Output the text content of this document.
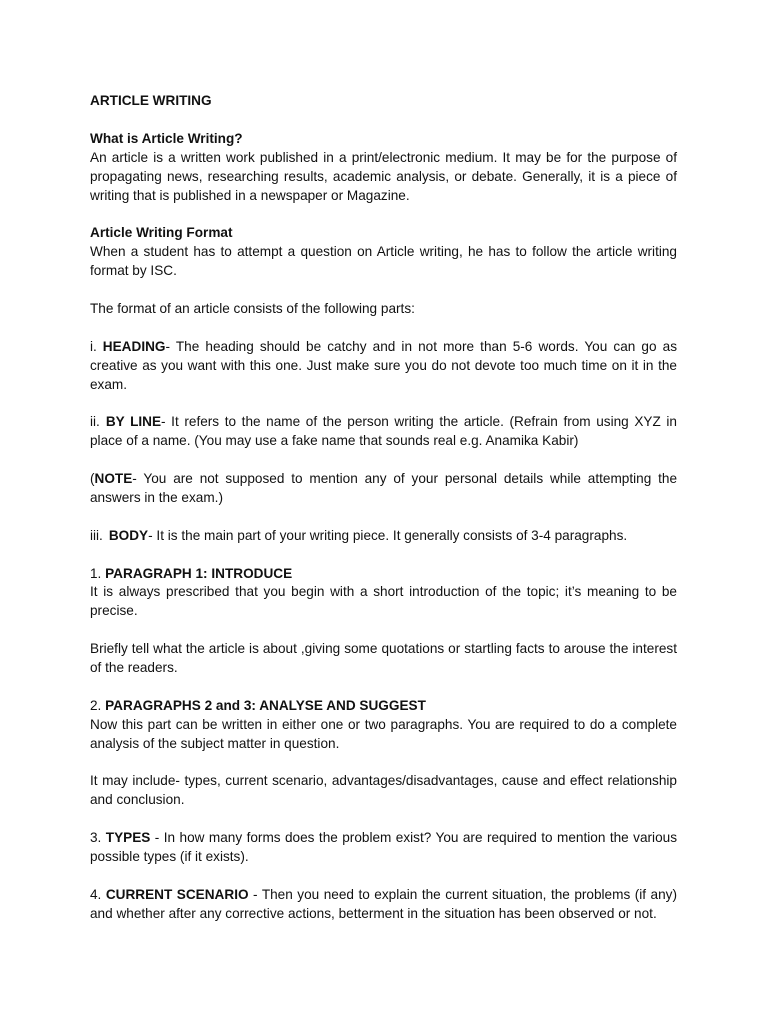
ARTICLE WRITING
What is Article Writing?

An article is a written work published in a print/electronic medium. It may be for the purpose of propagating news, researching results, academic analysis, or debate. Generally, it is a piece of writing that is published in a newspaper or Magazine.

Article Writing Format

When a student has to attempt a question on Article writing, he has to follow the article writing format by ISC.

The format of an article consists of the following parts:

i. HEADING- The heading should be catchy and in not more than 5-6 words. You can go as creative as you want with this one. Just make sure you do not devote too much time on it in the exam.

ii. BY LINE- It refers to the name of the person writing the article. (Refrain from using XYZ in place of a name. (You may use a fake name that sounds real e.g. Anamika Kabir)

(NOTE- You are not supposed to mention any of your personal details while attempting the answers in the exam.)

iii. BODY- It is the main part of your writing piece. It generally consists of 3-4 paragraphs.

1. PARAGRAPH 1: INTRODUCE

It is always prescribed that you begin with a short introduction of the topic; it’s meaning to be precise.

Briefly tell what the article is about ,giving some quotations or startling facts to arouse the interest of the readers.

2. PARAGRAPHS 2 and 3: ANALYSE AND SUGGEST

Now this part can be written in either one or two paragraphs. You are required to do a complete analysis of the subject matter in question.

It may include- types, current scenario, advantages/disadvantages, cause and effect relationship and conclusion.

3. TYPES - In how many forms does the problem exist? You are required to mention the various possible types (if it exists).

4. CURRENT SCENARIO - Then you need to explain the current situation, the problems (if any) and whether after any corrective actions, betterment in the situation has been observed or not.
